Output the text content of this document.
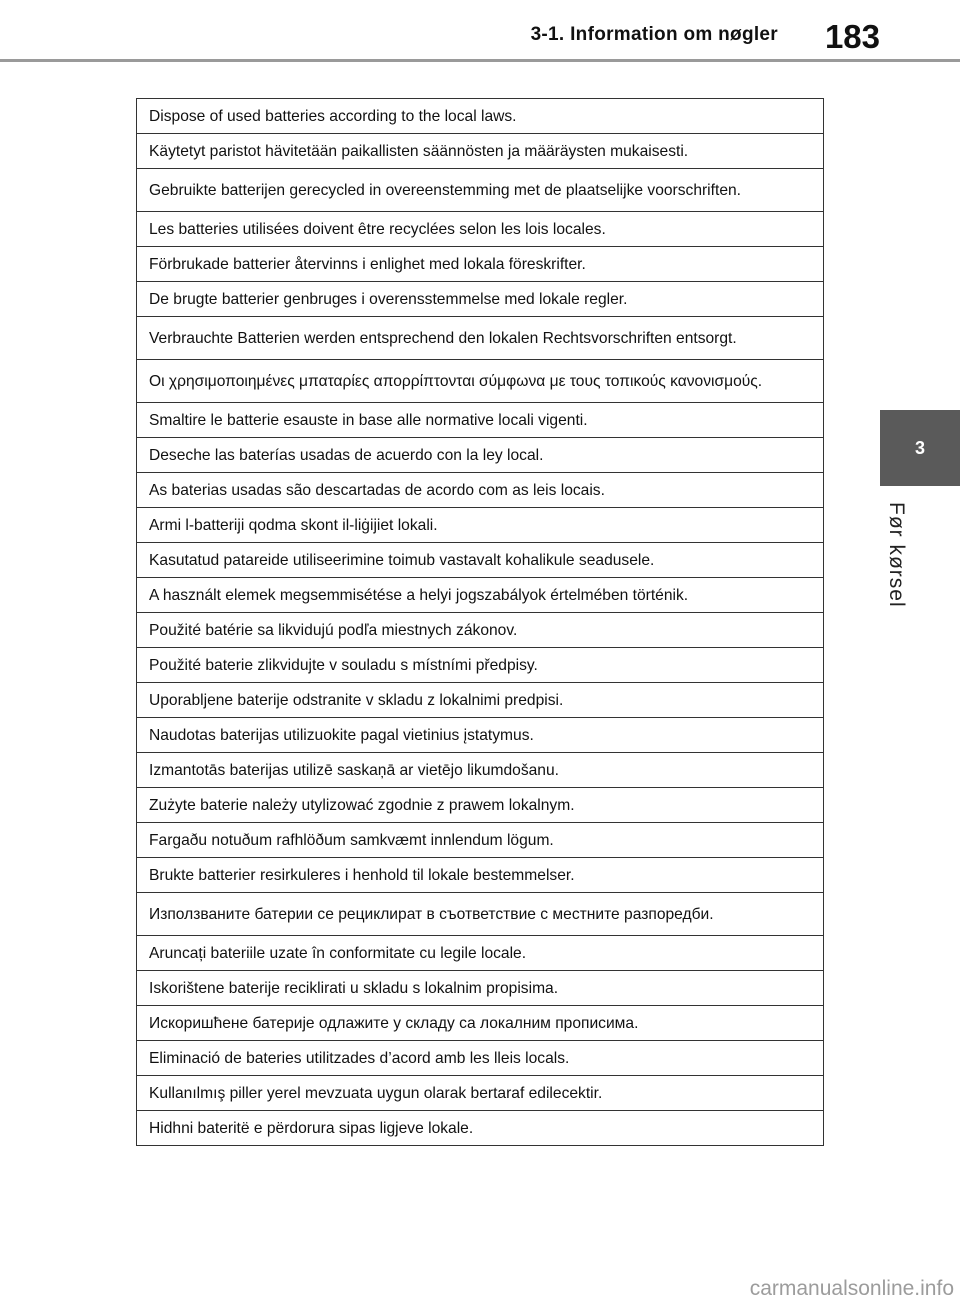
3-1. Information om nøgler 183
3
Før kørsel
Dispose of used batteries according to the local laws.
Käytetyt paristot hävitetään paikallisten säännösten ja määräysten mukaisesti.
Gebruikte batterijen gerecycled in overeenstemming met de plaatselijke voorschriften.
Les batteries utilisées doivent être recyclées selon les lois locales.
Förbrukade batterier återvinns i enlighet med lokala föreskrifter.
De brugte batterier genbruges i overensstemmelse med lokale regler.
Verbrauchte Batterien werden entsprechend den lokalen Rechtsvorschriften entsorgt.
Οι χρησιμοποιημένες μπαταρίες απορρίπτονται σύμφωνα με τους τοπικούς κανονισμούς.
Smaltire le batterie esauste in base alle normative locali vigenti.
Deseche las baterías usadas de acuerdo con la ley local.
As baterias usadas são descartadas de acordo com as leis locais.
Armi l-batteriji qodma skont il-liġijiet lokali.
Kasutatud patareide utiliseerimine toimub vastavalt kohalikule seadusele.
A használt elemek megsemmisétése a helyi jogszabályok értelmében történik.
Použité batérie sa likvidujú podľa miestnych zákonov.
Použité baterie zlikvidujte v souladu s místními předpisy.
Uporabljene baterije odstranite v skladu z lokalnimi predpisi.
Naudotas baterijas utilizuokite pagal vietinius įstatymus.
Izmantotās baterijas utilizē saskaņā ar vietējo likumdošanu.
Zużyte baterie należy utylizować zgodnie z prawem lokalnym.
Fargaðu notuðum rafhlöðum samkvæmt innlendum lögum.
Brukte batterier resirkuleres i henhold til lokale bestemmelser.
Използваните батерии се рециклират в съответствие с местните разпоредби.
Aruncați bateriile uzate în conformitate cu legile locale.
Iskorištene baterije reciklirati u skladu s lokalnim propisima.
Искоришћене батерије одлажите у складу са локалним прописима.
Eliminació de bateries utilitzades d’acord amb les lleis locals.
Kullanılmış piller yerel mevzuata uygun olarak bertaraf edilecektir.
Hidhni bateritë e përdorura sipas ligjeve lokale.
carmanualsonline.info
